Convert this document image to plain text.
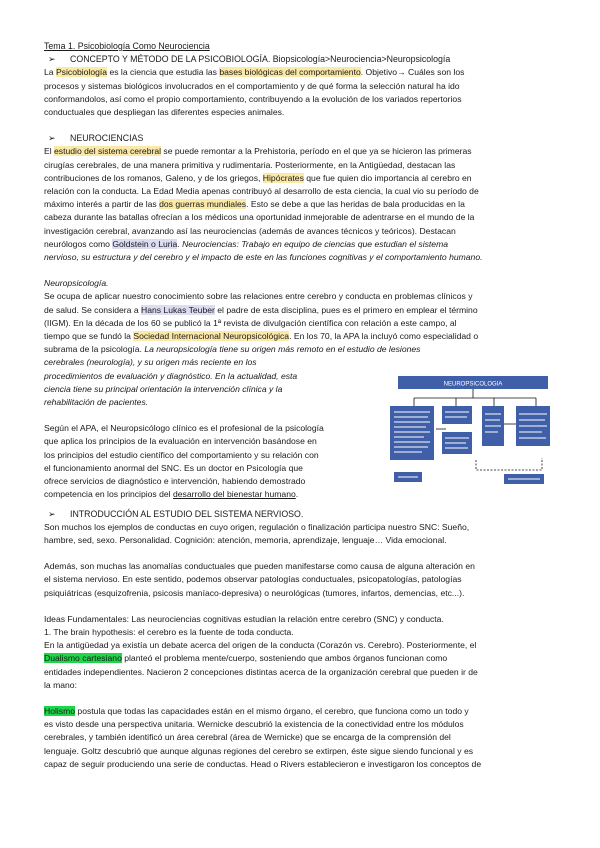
Tema 1. Psicobiología Como Neurociencia
➢ CONCEPTO Y MÉTODO DE LA PSICOBIOLOGÍA. Biopsicología>Neurociencia>Neuropsicología
La Psicobiología es la ciencia que estudia las bases biológicas del comportamiento. Objetivo→ Cuáles son los
procesos y sistemas biológicos involucrados en el comportamiento y de qué forma la selección natural ha ido
conformandolos, así como el propio comportamiento, contribuyendo a la evolución de los variados repertorios
conductuales que despliegan las diferentes especies animales.
➢ NEUROCIENCIAS
El estudio del sistema cerebral se puede remontar a la Prehistoria, período en el que ya se hicieron las primeras
cirugías cerebrales, de una manera primitiva y rudimentaria. Posteriormente, en la Antigüedad, destacan las
contribuciones de los romanos, Galeno, y de los griegos, Hipócrates que fue quien dio importancia al cerebro en
relación con la conducta. La Edad Media apenas contribuyó al desarrollo de esta ciencia, la cual vio su período de
máximo interés a partir de las dos guerras mundiales. Esto se debe a que las heridas de bala producidas en la
cabeza durante las batallas ofrecían a los médicos una oportunidad inmejorable de adentrarse en el mundo de la
investigación cerebral, avanzando así las neurociencias (además de avances técnicos y teóricos). Destacan
neurólogos como Goldstein o Luria. Neurociencias: Trabajo en equipo de ciencias que estudian el sistema
nervioso, su estructura y del cerebro y el impacto de este en las funciones cognitivas y el comportamiento humano.
Neuropsicología.
Se ocupa de aplicar nuestro conocimiento sobre las relaciones entre cerebro y conducta en problemas clínicos y
de salud. Se considera a Hans Lukas Teuber el padre de esta disciplina, pues es el primero en emplear el término
(IIGM). En la década de los 60 se publicó la 1ª revista de divulgación científica con relación a este campo, al
tiempo que se fundó la Sociedad Internacional Neuropsicológica. En los 70, la APA la incluyó como especialidad o
subrama de la psicología. La neuropsicología tiene su origen más remoto en el estudio de lesiones
cerebrales (neurología), y su origen más reciente en los
procedimientos de evaluación y diagnóstico. En la actualidad, esta
ciencia tiene su principal orientación la intervención clínica y la
rehabilitación de pacientes.
Según el APA, el Neuropsicólogo clínico es el profesional de la psicología
que aplica los principios de la evaluación en intervención basándose en
los principios del estudio científico del comportamiento y su relación con
el funcionamiento anormal del SNC. Es un doctor en Psicología que
ofrece servicios de diagnóstico e intervención, habiendo demostrado
competencia en los principios del desarrollo del bienestar humano.
➢ INTRODUCCIÓN AL ESTUDIO DEL SISTEMA NERVIOSO.
Son muchos los ejemplos de conductas en cuyo origen, regulación o finalización participa nuestro SNC: Sueño,
hambre, sed, sexo. Personalidad. Cognición: atención, memoria, aprendizaje, lenguaje… Vida emocional.
Además, son muchas las anomalías conductuales que pueden manifestarse como causa de alguna alteración en
el sistema nervioso. En este sentido, podemos observar patologías conductuales, psicopatologías, patologías
psiquiátricas (esquizofrenia, psicosis maníaco-depresiva) o neurológicas (tumores, infartos, demencias, etc...).
Ideas Fundamentales: Las neurociencias cognitivas estudian la relación entre cerebro (SNC) y conducta.
1. The brain hypothesis: el cerebro es la fuente de toda conducta.
En la antigüedad ya existía un debate acerca del origen de la conducta (Corazón vs. Cerebro). Posteriormente, el
Dualismo cartesiano planteó el problema mente/cuerpo, sosteniendo que ambos órganos funcionan como
entidades independientes. Nacieron 2 concepciones distintas acerca de la organización cerebral que pueden ir de
la mano:
Holismo postula que todas las capacidades están en el mismo órgano, el cerebro, que funciona como un todo y
es visto desde una perspectiva unitaria. Wernicke descubrió la existencia de la conectividad entre los módulos
cerebrales, y también identificó un área cerebral (área de Wernicke) que se encarga de la comprensión del
lenguaje. Goltz descubrió que aunque algunas regiones del cerebro se extirpen, éste sigue siendo funcional y es
capaz de seguir produciendo una serie de conductas. Head o Rivers establecieron e investigaron los conceptos de
NEUROPSICOLOGIA
